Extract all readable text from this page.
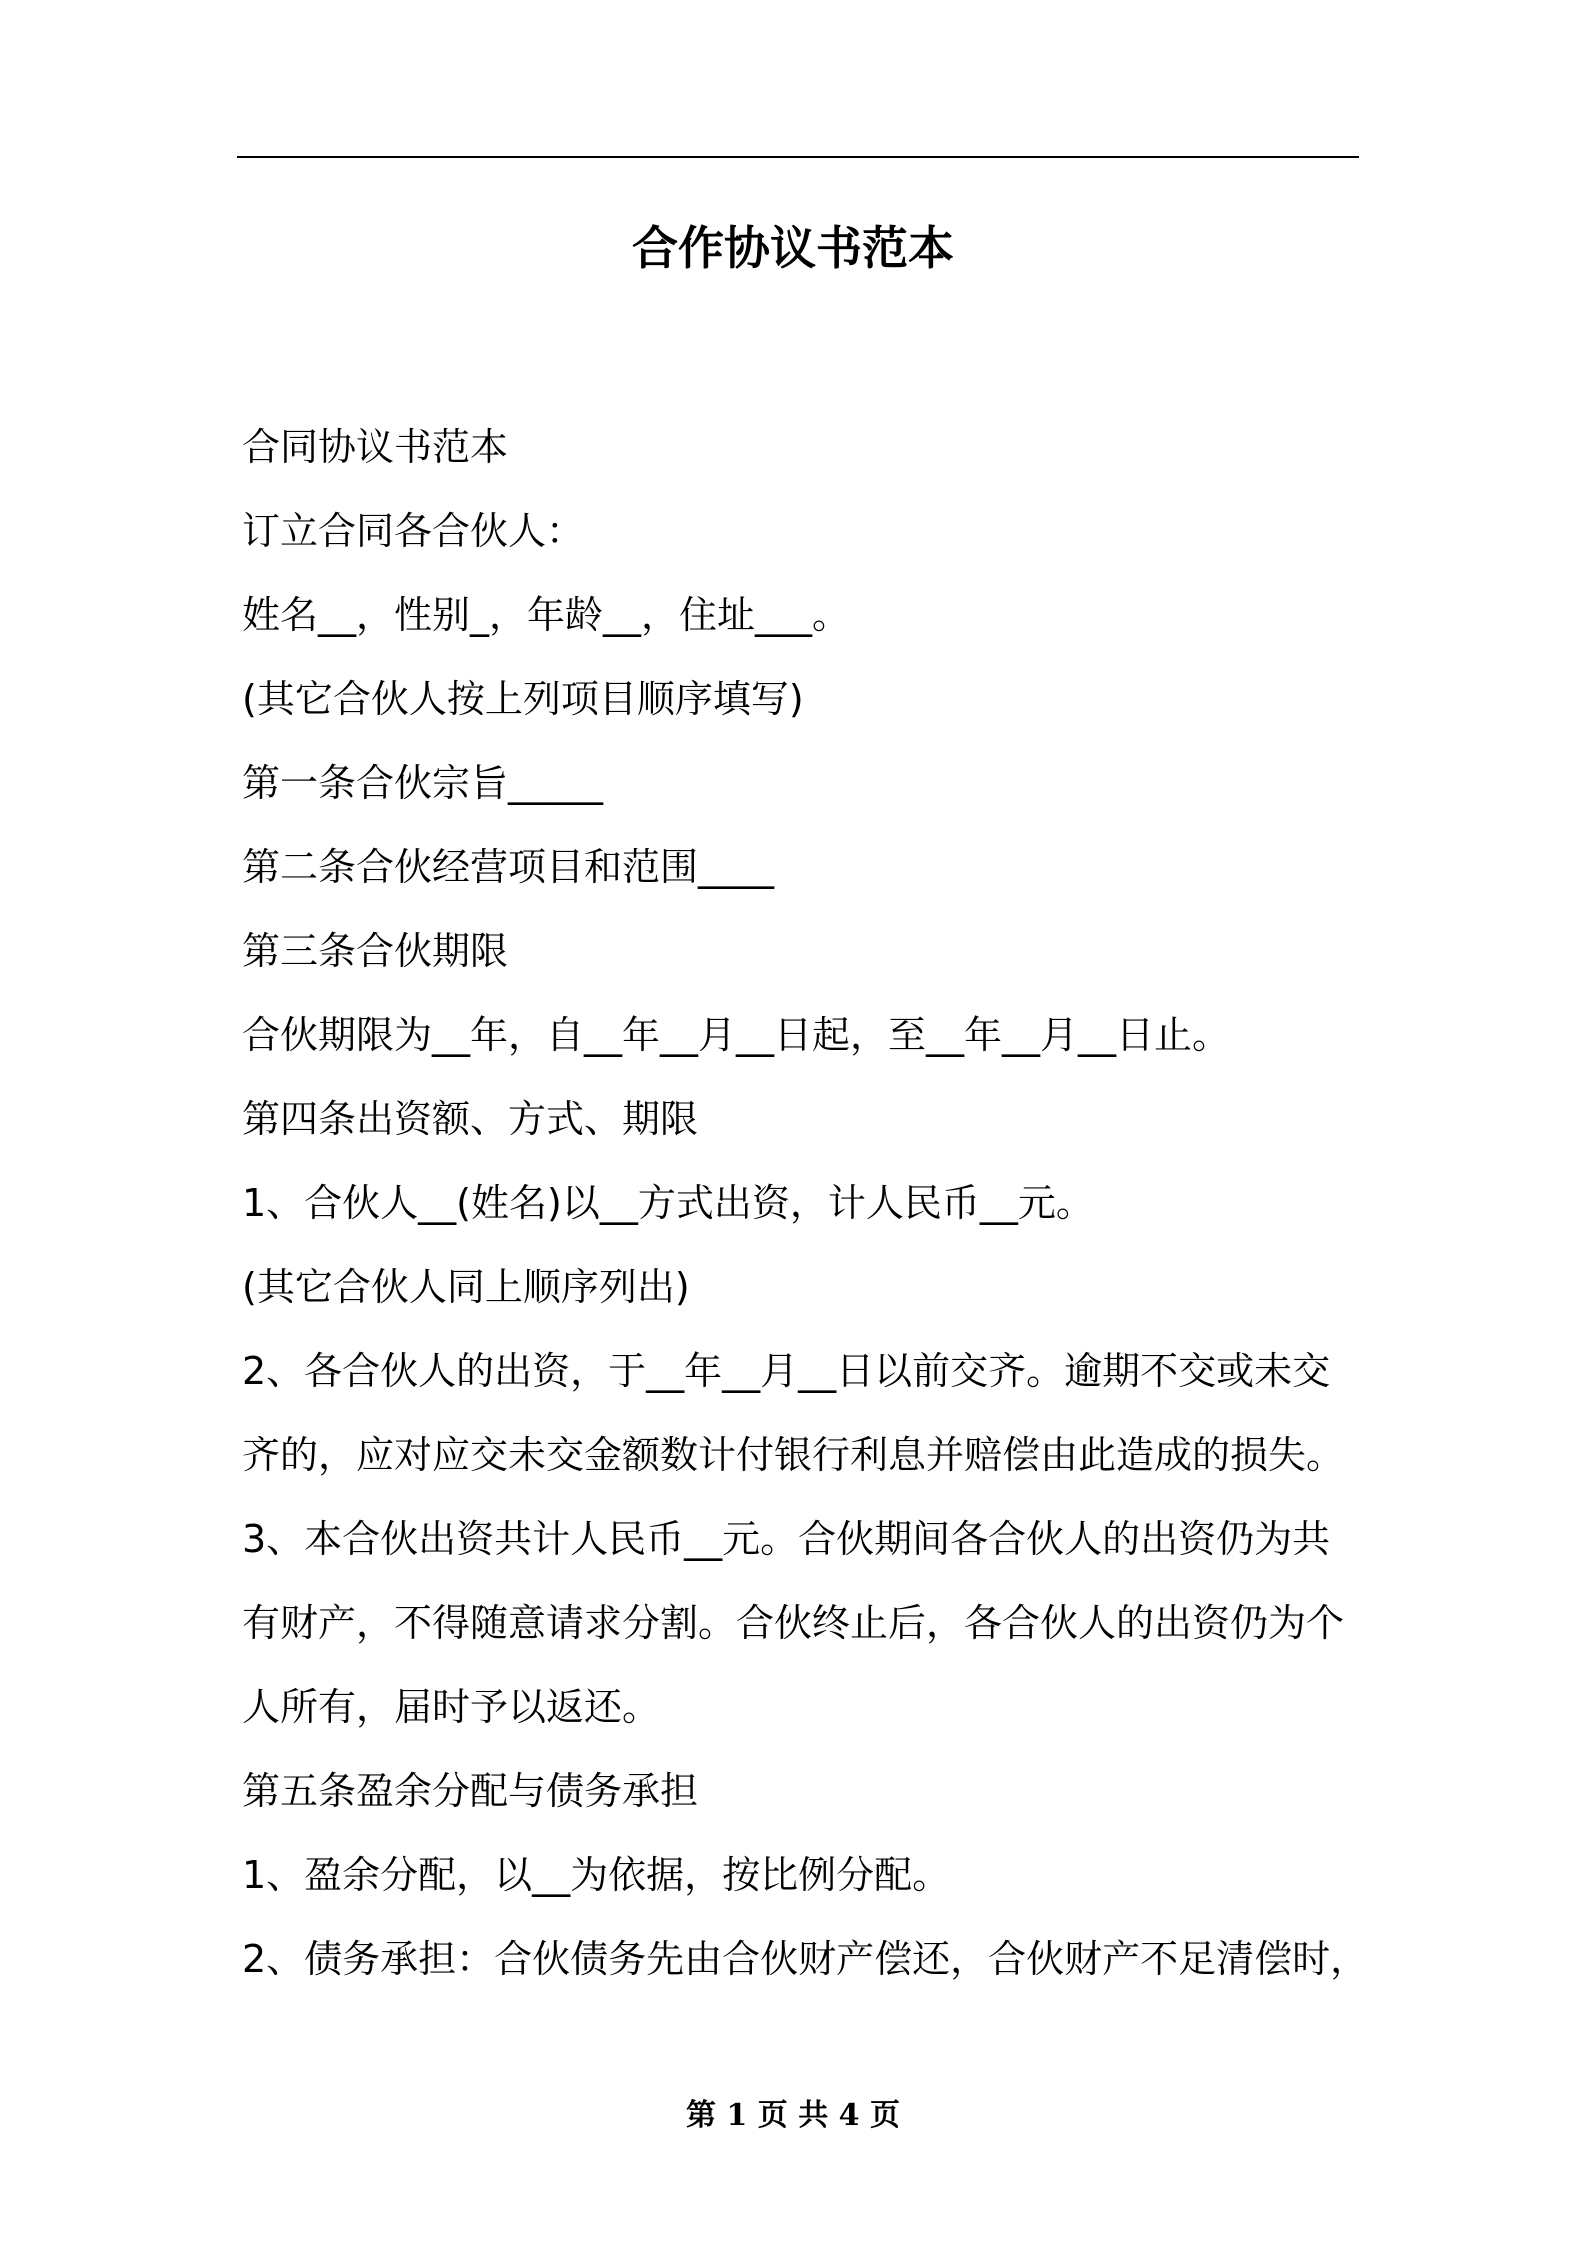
合作协议书范本

合同协议书范本

订立合同各合伙人：

姓名__，性别_，年龄__，住址___。

(其它合伙人按上列项目顺序填写)

第一条合伙宗旨_____

第二条合伙经营项目和范围____

第三条合伙期限

合伙期限为__年，自__年__月__日起，至__年__月__日止。

第四条出资额、方式、期限

1、合伙人__(姓名)以__方式出资，计人民币__元。

(其它合伙人同上顺序列出)

2、各合伙人的出资，于__年__月__日以前交齐。逾期不交或未交齐的，应对应交未交金额数计付银行利息并赔偿由此造成的损失。

3、本合伙出资共计人民币__元。合伙期间各合伙人的出资仍为共有财产，不得随意请求分割。合伙终止后，各合伙人的出资仍为个人所有，届时予以返还。

第五条盈余分配与债务承担

1、盈余分配，以__为依据，按比例分配。

2、债务承担：合伙债务先由合伙财产偿还，合伙财产不足清偿时，

第 1 页 共 4 页
